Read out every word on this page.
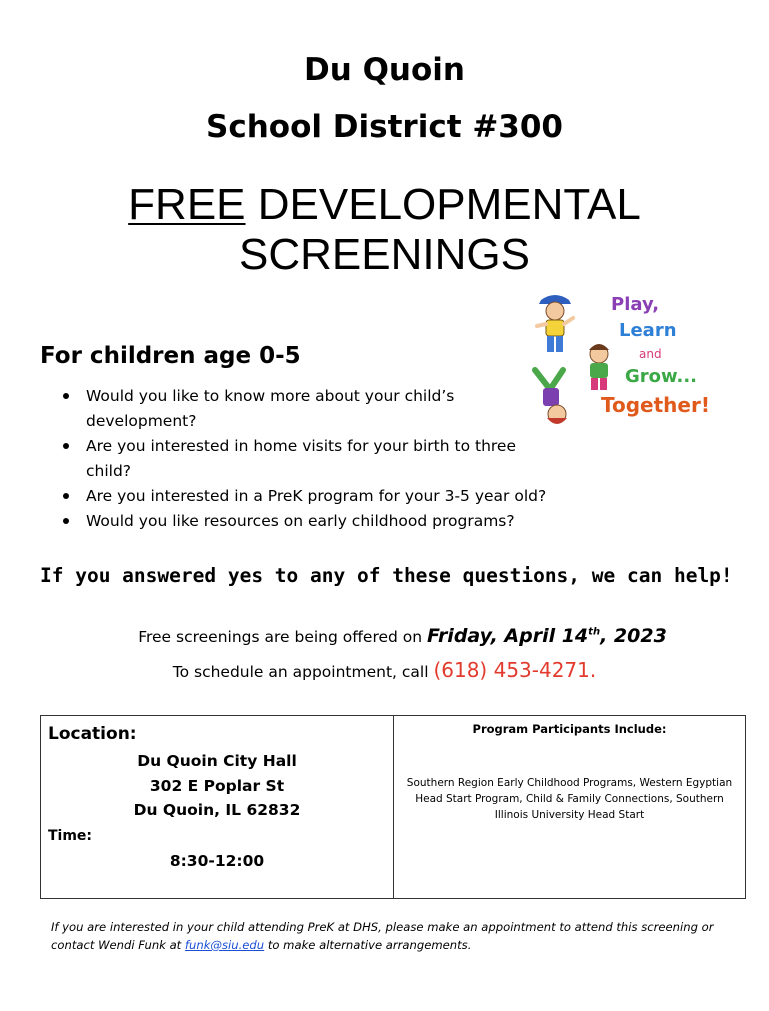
Du Quoin
School District #300
FREE DEVELOPMENTAL
SCREENINGS
Play,
Learn
and
Grow...
Together!
For children age 0-5
Would you like to know more about your child’s development?
Are you interested in home visits for your birth to three child?
Are you interested in a PreK program for your 3-5 year old?
Would you like resources on early childhood programs?
If you answered yes to any of these questions, we can help!
Free screenings are being offered on Friday, April 14th, 2023
To schedule an appointment, call (618) 453-4271.
Location:
Du Quoin City Hall
302 E Poplar St
Du Quoin, IL 62832
Time:
8:30-12:00
Program Participants Include:
Southern Region Early Childhood Programs, Western Egyptian Head Start Program, Child & Family Connections, Southern Illinois University Head Start
If you are interested in your child attending PreK at DHS, please make an appointment to attend this screening or contact Wendi Funk at funk@siu.edu to make alternative arrangements.
